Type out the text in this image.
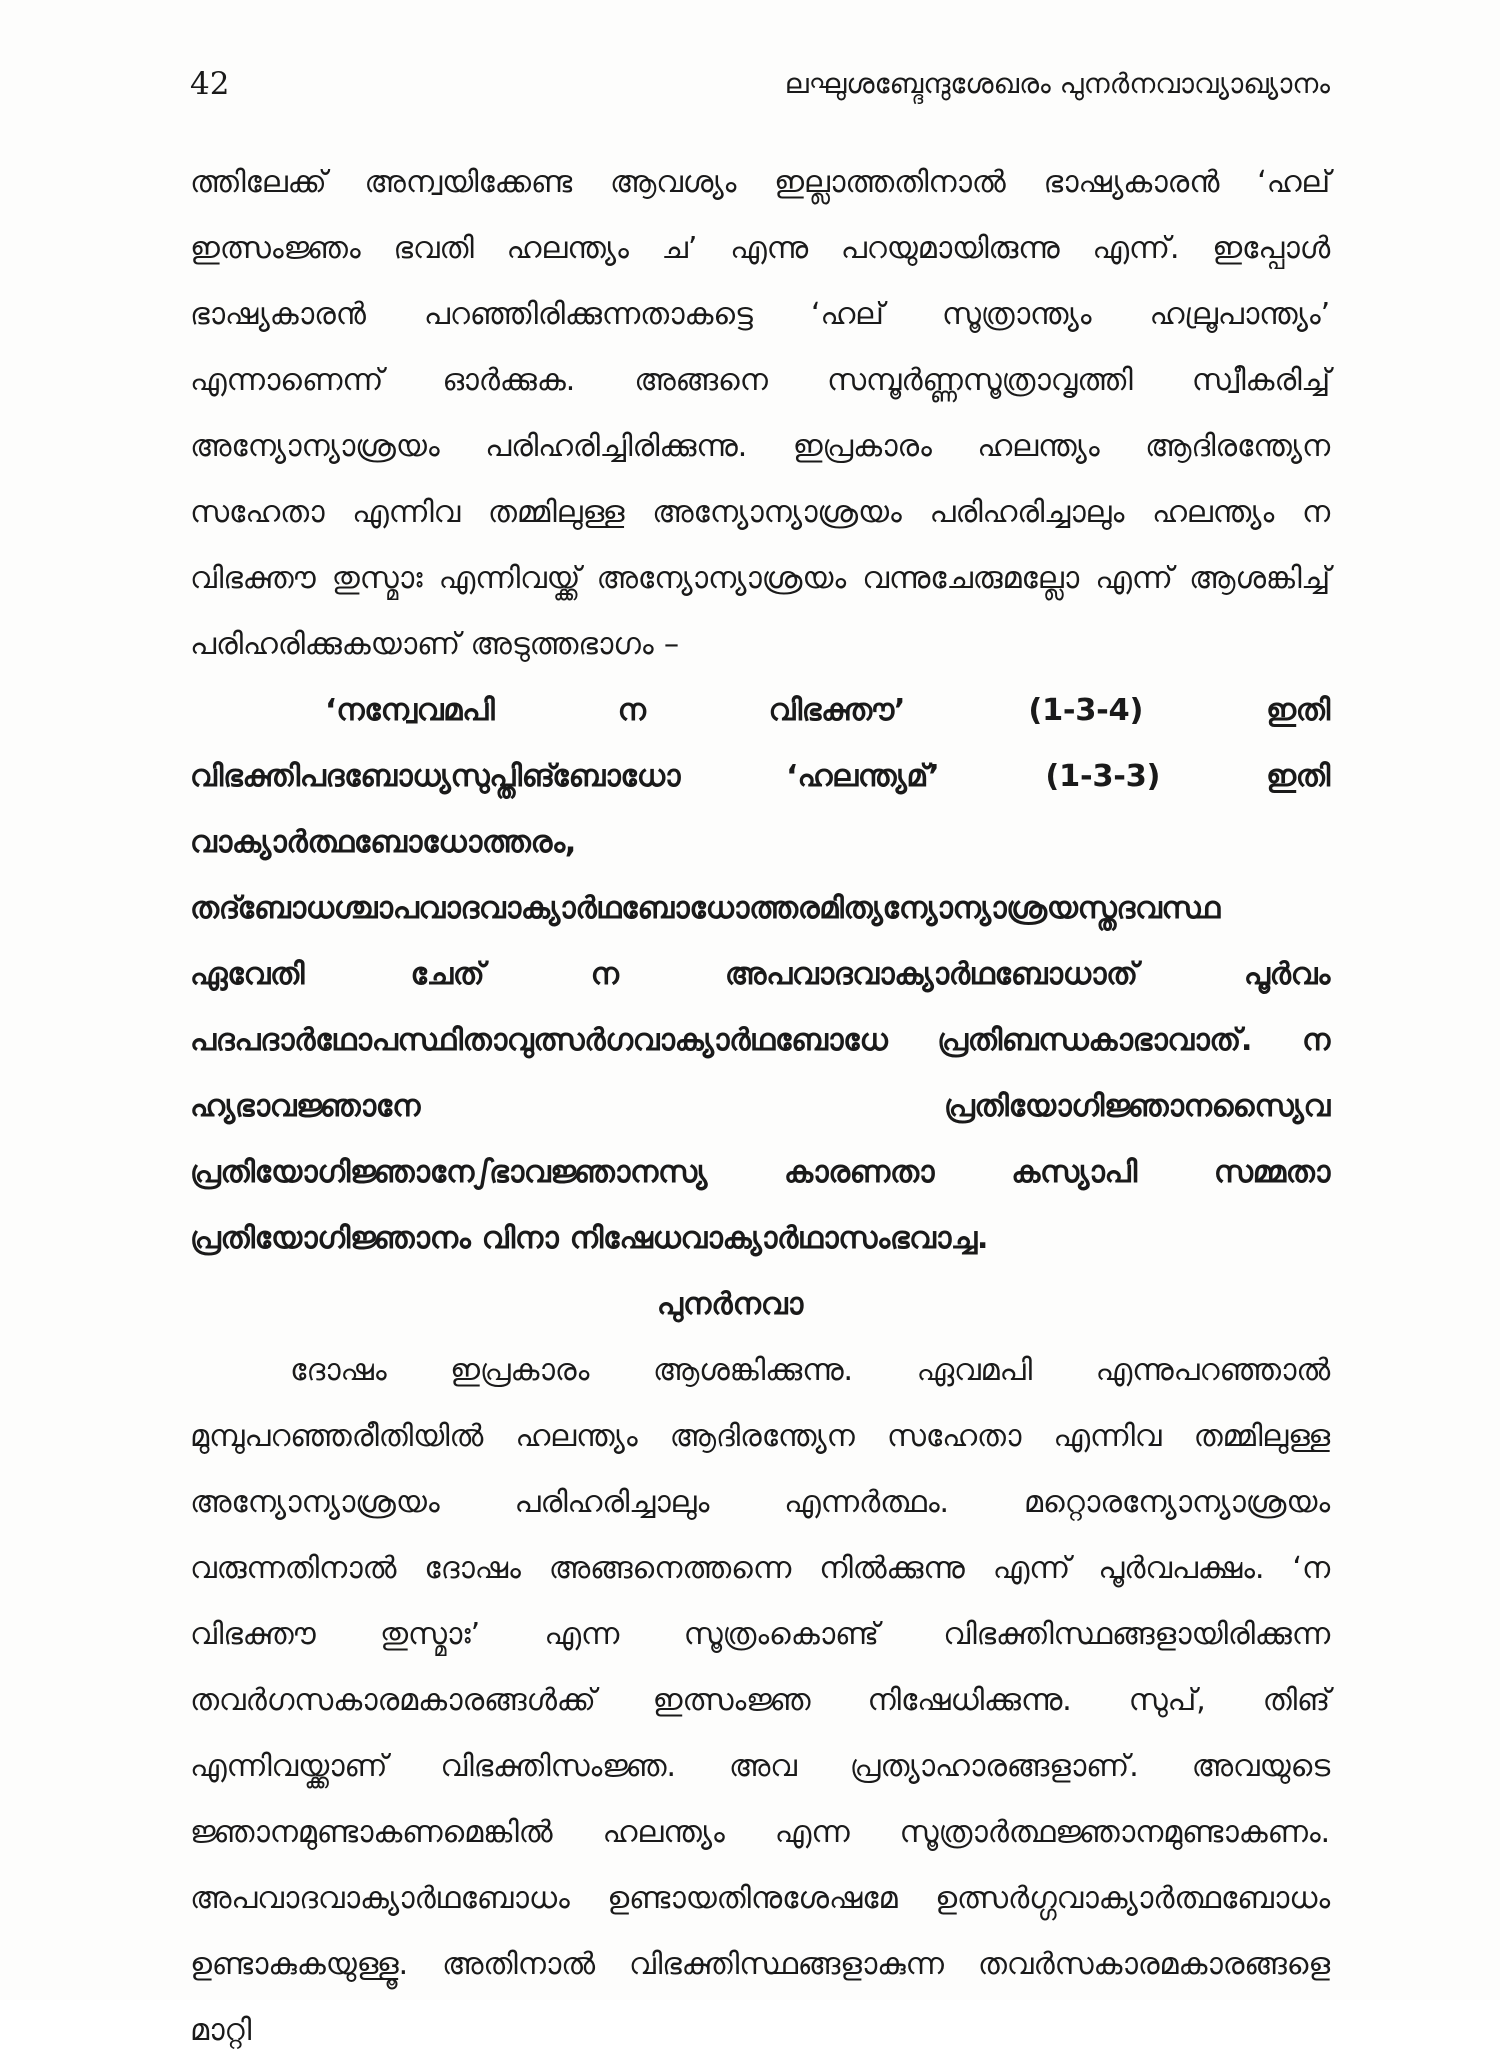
42	ലഘുശബ്ദേന്ദുശേഖരം പുനർനവാവ്യാഖ്യാനം

ത്തിലേക്ക് അന്വയിക്കേണ്ട ആവശ്യം ഇല്ലാത്തതിനാൽ ഭാഷ്യകാരൻ ‘ഹല് ഇത്സംജ്ഞം ഭവതി ഹലന്ത്യം ച’ എന്നു പറയുമായിരുന്നു എന്ന്. ഇപ്പോൾ ഭാഷ്യകാരൻ പറഞ്ഞിരിക്കുന്നതാകട്ടെ ‘ഹല് സൂത്രാന്ത്യം ഹല്രൂപാന്ത്യം’ എന്നാണെന്ന് ഓർക്കുക. അങ്ങനെ സമ്പൂർണ്ണസൂത്രാവൃത്തി സ്വീകരിച്ച് അന്യോന്യാശ്രയം പരിഹരിച്ചിരിക്കുന്നു. ഇപ്രകാരം ഹലന്ത്യം ആദിരന്ത്യേന സഹേതാ എന്നിവ തമ്മിലുള്ള അന്യോന്യാശ്രയം പരിഹരിച്ചാലും ഹലന്ത്യം ന വിഭക്തൗ തുസ്മാഃ എന്നിവയ്ക്ക് അന്യോന്യാശ്രയം വന്നുചേരുമല്ലോ എന്ന് ആശങ്കിച്ച് പരിഹരിക്കുകയാണ് അടുത്തഭാഗം –

‘നന്വേവമപി ന വിഭക്തൗ’ (1-3-4) ഇതി വിഭക്തിപദബോധ്യസുപ്തിങ്ബോധോ ‘ഹലന്ത്യമ്’ (1-3-3) ഇതി വാക്യാർത്ഥബോധോത്തരം, തദ്ബോധശ്ചാപവാദവാക്യാർഥബോധോത്തരമിത്യന്യോന്യാശ്രയസ്തദവസ്ഥ ഏവേതി ചേത് ന അപവാദവാക്യാർഥബോധാത് പൂർവം പദപദാർഥോപസ്ഥിതാവുത്സർഗവാക്യാർഥബോധേ പ്രതിബന്ധകാഭാവാത്. ന ഹ്യഭാവജ്ഞാനേ പ്രതിയോഗിജ്ഞാനസ്യൈവ പ്രതിയോഗിജ്ഞാനേഽഭാവജ്ഞാനസ്യ കാരണതാ കസ്യാപി സമ്മതാ പ്രതിയോഗിജ്ഞാനം വിനാ നിഷേധവാക്യാർഥാസംഭവാച്ച.

പുനർനവാ

ദോഷം ഇപ്രകാരം ആശങ്കിക്കുന്നു. ഏവമപി എന്നുപറഞ്ഞാൽ മുമ്പുപറഞ്ഞരീതിയിൽ ഹലന്ത്യം ആദിരന്ത്യേന സഹേതാ എന്നിവ തമ്മിലുള്ള അന്യോന്യാശ്രയം പരിഹരിച്ചാലും എന്നർത്ഥം. മറ്റൊരന്യോന്യാശ്രയം വരുന്നതിനാൽ ദോഷം അങ്ങനെത്തന്നെ നിൽക്കുന്നു എന്ന് പൂർവപക്ഷം. ‘ന വിഭക്തൗ തുസ്മാഃ’ എന്ന സൂത്രംകൊണ്ട് വിഭക്തിസ്ഥങ്ങളായിരിക്കുന്ന തവർഗസകാരമകാരങ്ങൾക്ക് ഇത്സംജ്ഞ നിഷേധിക്കുന്നു. സുപ്, തിങ് എന്നിവയ്ക്കാണ് വിഭക്തിസംജ്ഞ. അവ പ്രത്യാഹാരങ്ങളാണ്. അവയുടെ ജ്ഞാനമുണ്ടാകണമെങ്കിൽ ഹലന്ത്യം എന്ന സൂത്രാർത്ഥജ്ഞാനമുണ്ടാകണം. അപവാദവാക്യാർഥബോധം ഉണ്ടായതിനുശേഷമേ ഉത്സർഗ്ഗവാക്യാർത്ഥബോധം ഉണ്ടാകുകയുള്ളൂ. അതിനാൽ വിഭക്തിസ്ഥങ്ങളാകുന്ന തവർസകാരമകാരങ്ങളെ മാറ്റി
